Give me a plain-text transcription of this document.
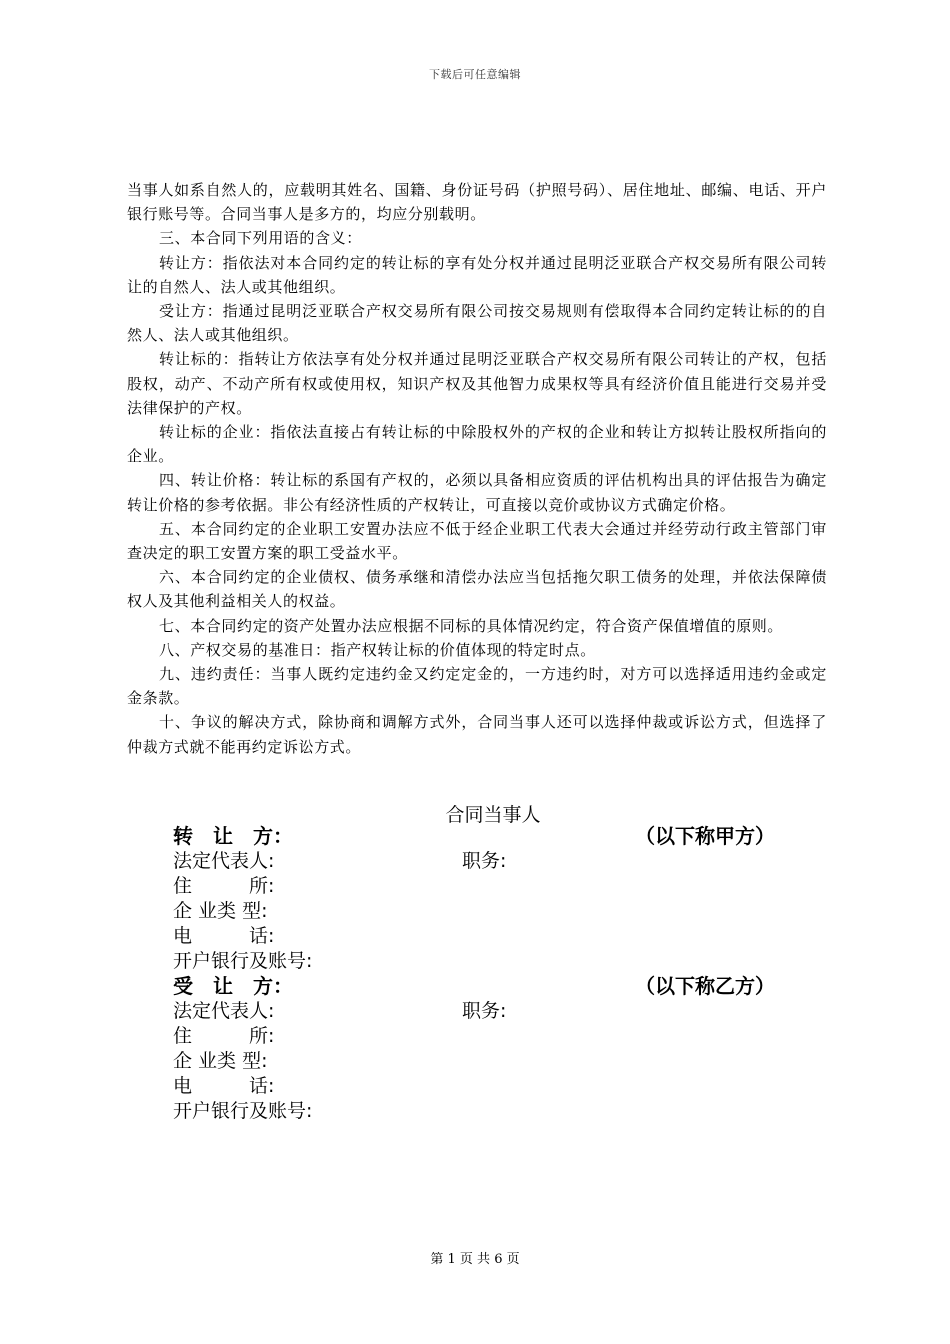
下载后可任意编辑

当事人如系自然人的，应载明其姓名、国籍、身份证号码（护照号码）、居住地址、邮编、电话、开户银行账号等。合同当事人是多方的，均应分别载明。

三、本合同下列用语的含义：

转让方：指依法对本合同约定的转让标的享有处分权并通过昆明泛亚联合产权交易所有限公司转让的自然人、法人或其他组织。

受让方：指通过昆明泛亚联合产权交易所有限公司按交易规则有偿取得本合同约定转让标的的自然人、法人或其他组织。

转让标的：指转让方依法享有处分权并通过昆明泛亚联合产权交易所有限公司转让的产权，包括股权，动产、不动产所有权或使用权，知识产权及其他智力成果权等具有经济价值且能进行交易并受法律保护的产权。

转让标的企业：指依法直接占有转让标的中除股权外的产权的企业和转让方拟转让股权所指向的企业。

四、转让价格：转让标的系国有产权的，必须以具备相应资质的评估机构出具的评估报告为确定转让价格的参考依据。非公有经济性质的产权转让，可直接以竞价或协议方式确定价格。

五、本合同约定的企业职工安置办法应不低于经企业职工代表大会通过并经劳动行政主管部门审查决定的职工安置方案的职工受益水平。

六、本合同约定的企业债权、债务承继和清偿办法应当包括拖欠职工债务的处理，并依法保障债权人及其他利益相关人的权益。

七、本合同约定的资产处置办法应根据不同标的具体情况约定，符合资产保值增值的原则。

八、产权交易的基准日：指产权转让标的价值体现的特定时点。

九、违约责任：当事人既约定违约金又约定定金的，一方违约时，对方可以选择适用违约金或定金条款。

十、争议的解决方式，除协商和调解方式外，合同当事人还可以选择仲裁或诉讼方式，但选择了仲裁方式就不能再约定诉讼方式。

合同当事人
转　让　方：	（以下称甲方）
法定代表人:	职务:
住　　　所:
企 业类 型:
电　　　话:
开户银行及账号:
受　让　方：	（以下称乙方）
法定代表人:	职务:
住　　　所:
企 业类 型:
电　　　话:
开户银行及账号:
第 1 页 共 6 页
